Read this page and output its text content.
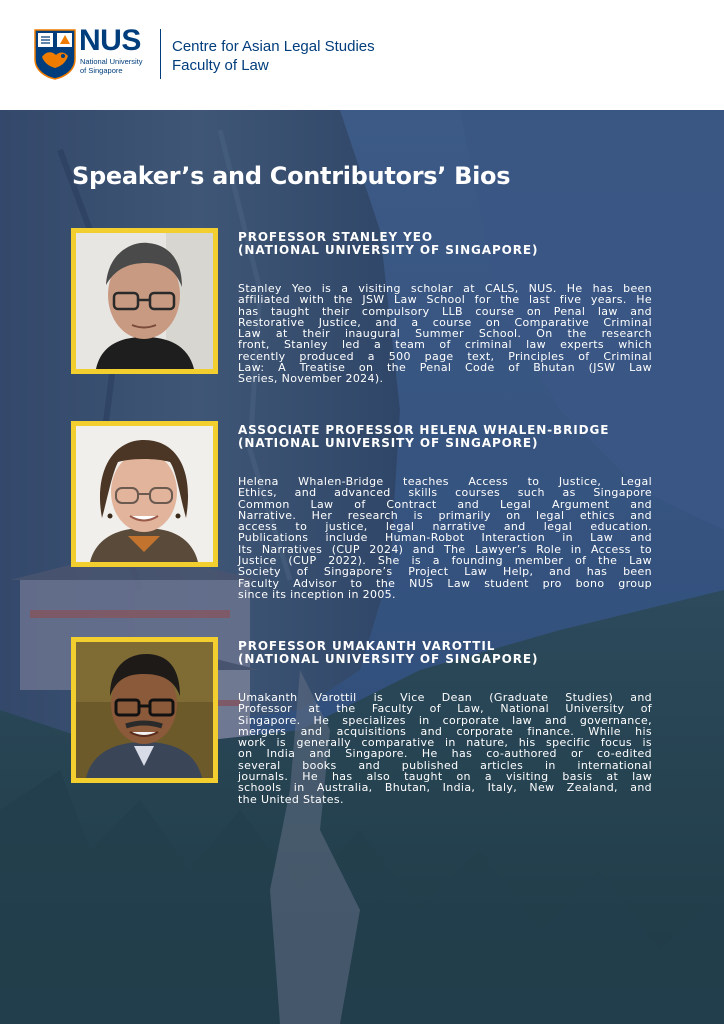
NUS
National University
of Singapore
Centre for Asian Legal Studies
Faculty of Law
Speaker’s and Contributors’ Bios
PROFESSOR STANLEY YEO
(NATIONAL UNIVERSITY OF SINGAPORE)
Stanley Yeo is a visiting scholar at CALS, NUS. He has been
affiliated with the JSW Law School for the last five years. He
has taught their compulsory LLB course on Penal law and
Restorative Justice, and a course on Comparative Criminal
Law at their inaugural Summer School. On the research
front, Stanley led a team of criminal law experts which
recently produced a 500 page text, Principles of Criminal
Law: A Treatise on the Penal Code of Bhutan (JSW Law
Series, November 2024).
ASSOCIATE PROFESSOR HELENA WHALEN-BRIDGE
(NATIONAL UNIVERSITY OF SINGAPORE)
Helena Whalen-Bridge teaches Access to Justice, Legal
Ethics, and advanced skills courses such as Singapore
Common Law of Contract and Legal Argument and
Narrative. Her research is primarily on legal ethics and
access to justice, legal narrative and legal education.
Publications include Human-Robot Interaction in Law and
Its Narratives (CUP 2024) and The Lawyer’s Role in Access to
Justice (CUP 2022). She is a founding member of the Law
Society of Singapore’s Project Law Help, and has been
Faculty Advisor to the NUS Law student pro bono group
since its inception in 2005.
PROFESSOR UMAKANTH VAROTTIL
(NATIONAL UNIVERSITY OF SINGAPORE)
Umakanth Varottil is Vice Dean (Graduate Studies) and
Professor at the Faculty of Law, National University of
Singapore. He specializes in corporate law and governance,
mergers and acquisitions and corporate finance. While his
work is generally comparative in nature, his specific focus is
on India and Singapore. He has co-authored or co-edited
several books and published articles in international
journals. He has also taught on a visiting basis at law
schools in Australia, Bhutan, India, Italy, New Zealand, and
the United States.
